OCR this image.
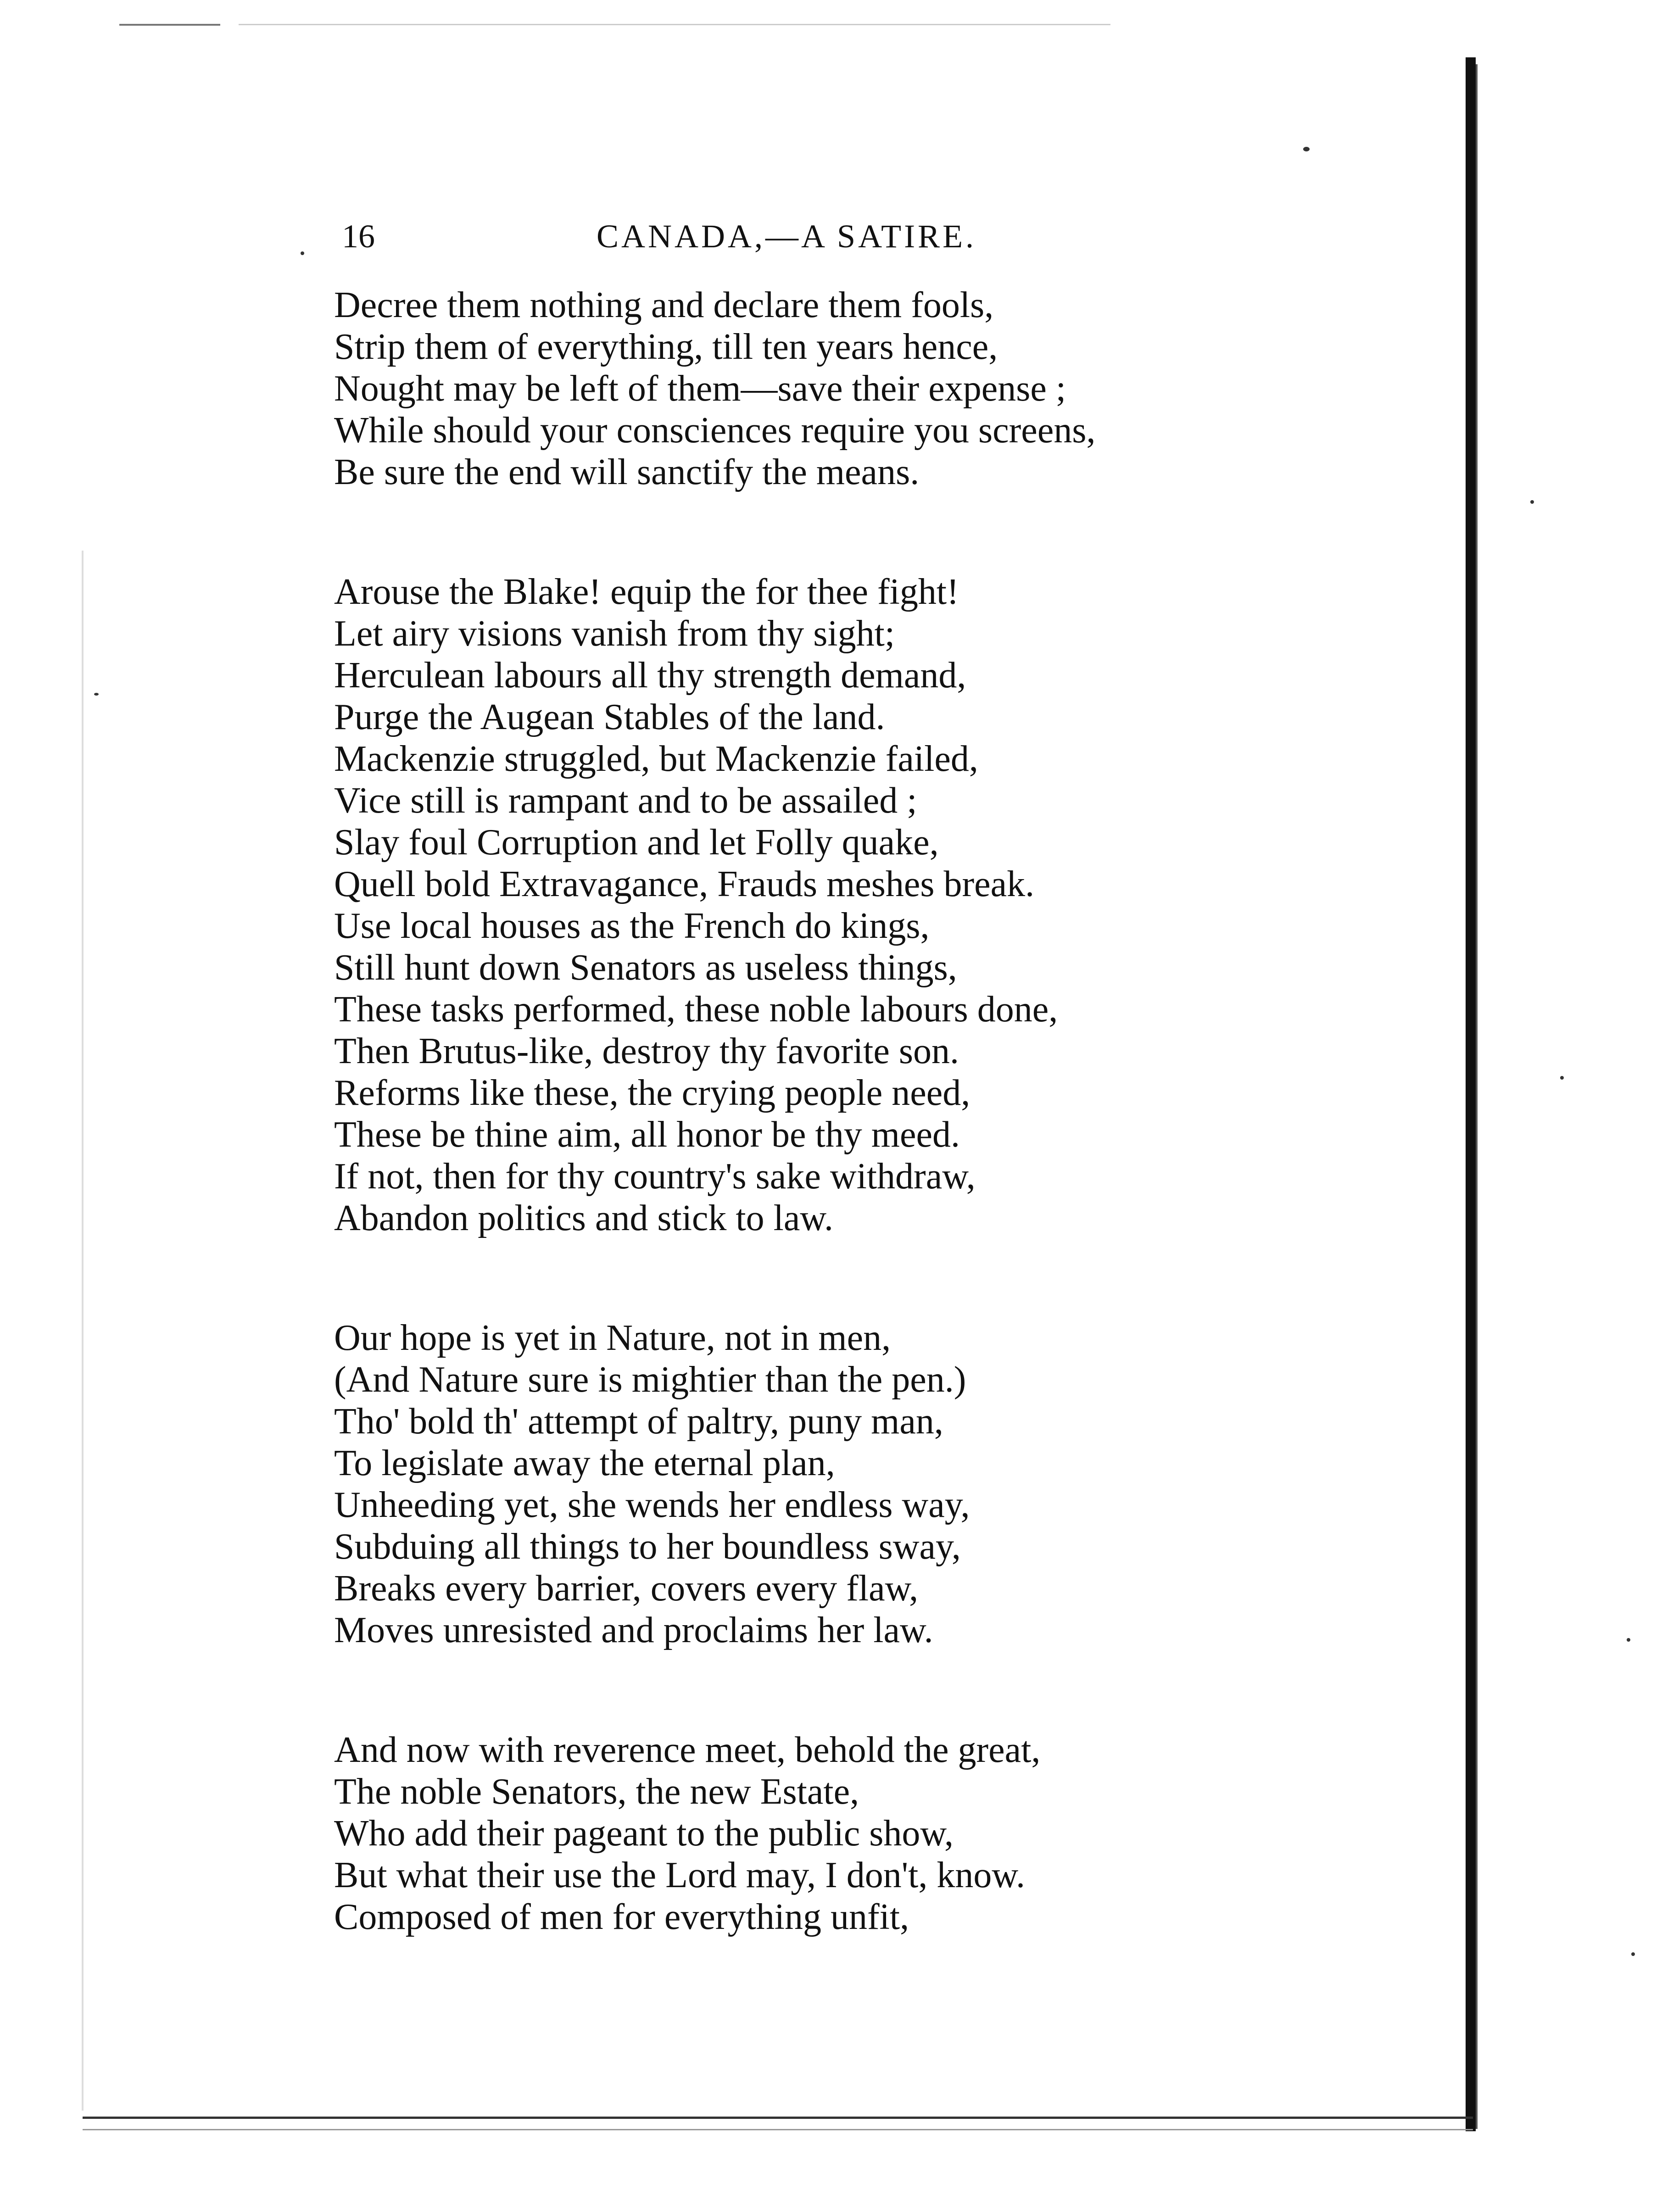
16	CANADA,—A SATIRE.
Decree them nothing and declare them fools,
Strip them of everything, till ten years hence,
Nought may be left of them—save their expense ;
While should your consciences require you screens,
Be sure the end will sanctify the means.
Arouse the Blake! equip the for thee fight!
Let airy visions vanish from thy sight;
Herculean labours all thy strength demand,
Purge the Augean Stables of the land.
Mackenzie struggled, but Mackenzie failed,
Vice still is rampant and to be assailed ;
Slay foul Corruption and let Folly quake,
Quell bold Extravagance, Frauds meshes break.
Use local houses as the French do kings,
Still hunt down Senators as useless things,
These tasks performed, these noble labours done,
Then Brutus-like, destroy thy favorite son.
Reforms like these, the crying people need,
These be thine aim, all honor be thy meed.
If not, then for thy country's sake withdraw,
Abandon politics and stick to law.
Our hope is yet in Nature, not in men,
(And Nature sure is mightier than the pen.)
Tho' bold th' attempt of paltry, puny man,
To legislate away the eternal plan,
Unheeding yet, she wends her endless way,
Subduing all things to her boundless sway,
Breaks every barrier, covers every flaw,
Moves unresisted and proclaims her law.
And now with reverence meet, behold the great,
The noble Senators, the new Estate,
Who add their pageant to the public show,
But what their use the Lord may, I don't, know.
Composed of men for everything unfit,
